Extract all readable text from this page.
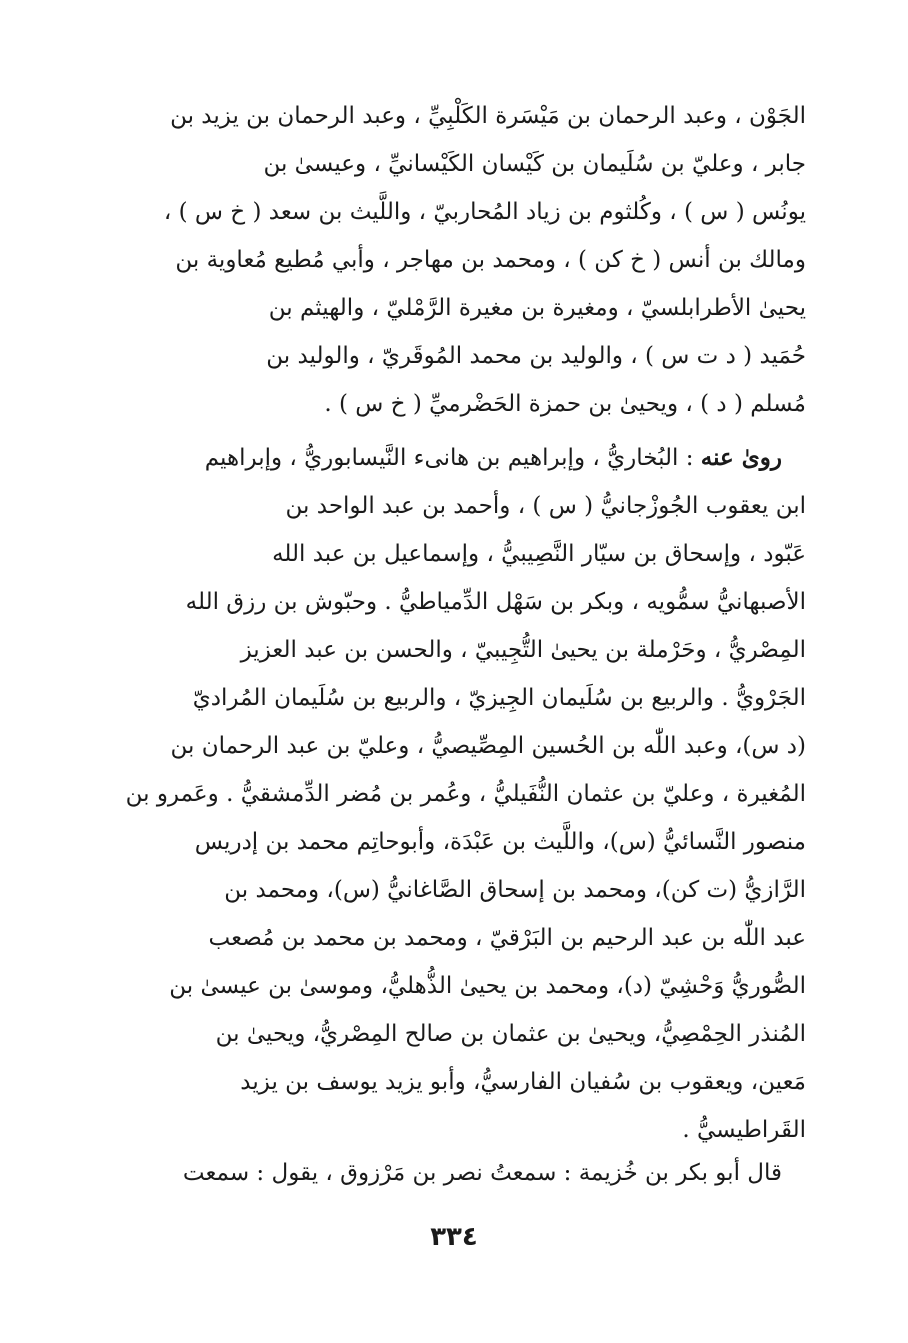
الجَوْن ، وعبد الرحمان بن مَيْسَرة الكَلْبِيِّ ، وعبد الرحمان بن يزيد بن
جابر ، وعليّ بن سُلَيمان بن كَيْسان الكَيْسانيِّ ، وعيسىٰ بن
يونُس ( س ) ، وكُلثوم بن زياد المُحاربيّ ، واللَّيث بن سعد ( خ س ) ،
ومالك بن أنس ( خ كن ) ، ومحمد بن مهاجر ، وأبي مُطيع مُعاوية بن
يحيىٰ الأطرابلسيّ ، ومغيرة بن مغيرة الرَّمْليّ ، والهيثم بن
حُمَيد ( د ت س ) ، والوليد بن محمد المُوقَريّ ، والوليد بن
مُسلم ( د ) ، ويحيىٰ بن حمزة الحَضْرميِّ ( خ س ) .
روىٰ عنه : البُخاريُّ ، وإبراهيم بن هانىء النَّيسابوريُّ ، وإبراهيم
ابن يعقوب الجُوزْجانيُّ ( س ) ، وأحمد بن عبد الواحد بن
عَبّود ، وإسحاق بن سيّار النَّصِيبيُّ ، وإسماعيل بن عبد الله
الأصبهانيُّ سمُّويه ، وبكر بن سَهْل الدِّمياطيُّ . وحبّوش بن رزق الله
المِصْريُّ ، وحَرْملة بن يحيىٰ التُّجِيبيّ ، والحسن بن عبد العزيز
الجَرْويُّ . والربيع بن سُلَيمان الجِيزيّ ، والربيع بن سُلَيمان المُراديّ
(د س)، وعبد اللّٰه بن الحُسين المِصِّيصيُّ ، وعليّ بن عبد الرحمان بن
المُغيرة ، وعليّ بن عثمان النُّفَيليُّ ، وعُمر بن مُضر الدِّمشقيُّ . وعَمرو بن
منصور النَّسائيُّ (س)، واللَّيث بن عَبْدَة، وأبوحاتِم محمد بن إدريس
الرَّازيُّ (ت كن)، ومحمد بن إسحاق الصَّاغانيُّ (س)، ومحمد بن
عبد اللّٰه بن عبد الرحيم بن البَرْقيّ ، ومحمد بن محمد بن مُصعب
الصُّوريُّ وَحْشِيّ (د)، ومحمد بن يحيىٰ الذُّهليُّ، وموسىٰ بن عيسىٰ بن
المُنذر الحِمْصِيُّ، ويحيىٰ بن عثمان بن صالح المِصْريُّ، ويحيىٰ بن
مَعين، ويعقوب بن سُفيان الفارسيُّ، وأبو يزيد يوسف بن يزيد
القَراطيسيُّ .
قال أبو بكر بن خُزيمة : سمعتُ نصر بن مَرْزوق ، يقول : سمعت
٣٣٤
